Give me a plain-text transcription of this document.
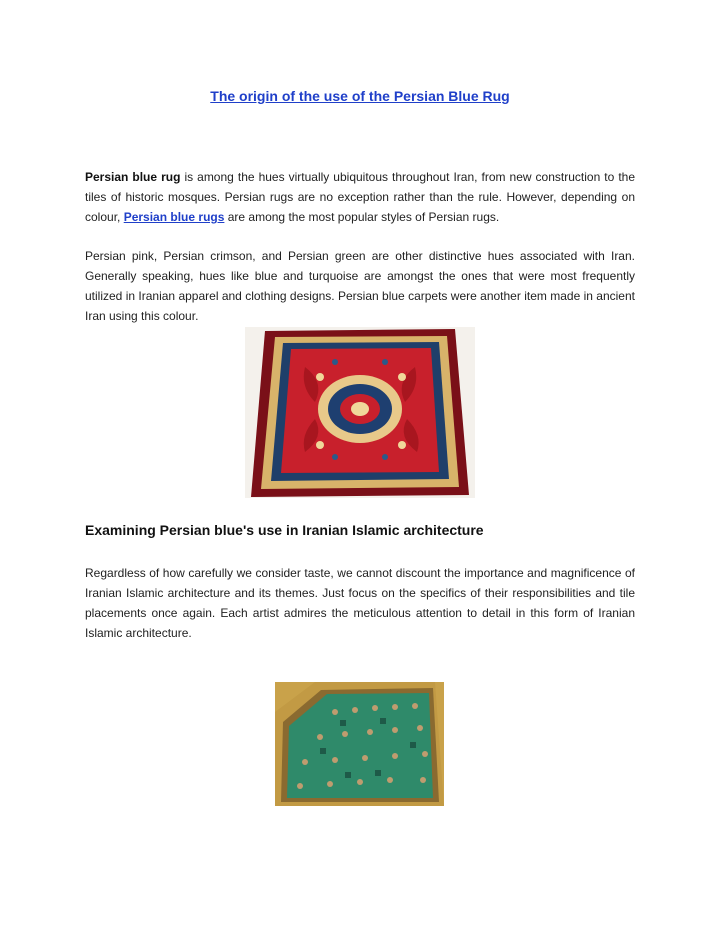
The origin of the use of the Persian Blue Rug

Persian blue rug is among the hues virtually ubiquitous throughout Iran, from new construction to the tiles of historic mosques. Persian rugs are no exception rather than the rule. However, depending on colour, Persian blue rugs are among the most popular styles of Persian rugs.

Persian pink, Persian crimson, and Persian green are other distinctive hues associated with Iran. Generally speaking, hues like blue and turquoise are amongst the ones that were most frequently utilized in Iranian apparel and clothing designs. Persian blue carpets were another item made in ancient Iran using this colour.

Examining Persian blue's use in Iranian Islamic architecture

Regardless of how carefully we consider taste, we cannot discount the importance and magnificence of Iranian Islamic architecture and its themes. Just focus on the specifics of their responsibilities and tile placements once again. Each artist admires the meticulous attention to detail in this form of Iranian Islamic architecture.
